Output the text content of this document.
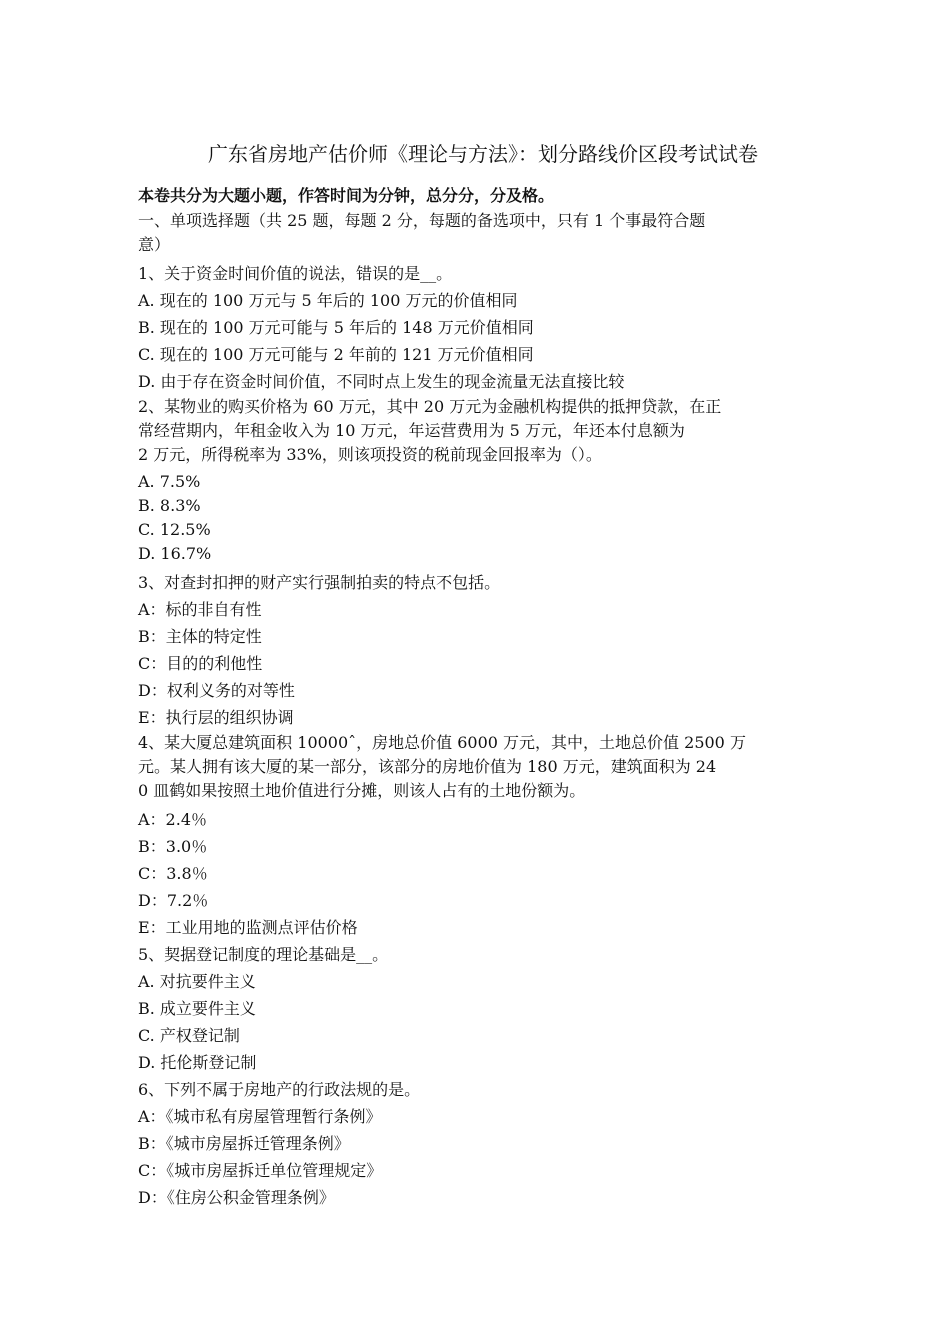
广东省房地产估价师《理论与方法》：划分路线价区段考试试卷
本卷共分为大题小题，作答时间为分钟，总分分，分及格。
一、单项选择题（共 25 题，每题 2 分，每题的备选项中，只有 1 个事最符合题
意）
1、关于资金时间价值的说法，错误的是__。
A. 现在的 100 万元与 5 年后的 100 万元的价值相同
B. 现在的 100 万元可能与 5 年后的 148 万元价值相同
C. 现在的 100 万元可能与 2 年前的 121 万元价值相同
D. 由于存在资金时间价值，不同时点上发生的现金流量无法直接比较
2、某物业的购买价格为 60 万元，其中 20 万元为金融机构提供的抵押贷款，在正
常经营期内，年租金收入为 10 万元，年运营费用为 5 万元，年还本付息额为
2 万元，所得税率为 33%，则该项投资的税前现金回报率为（）。
A. 7.5%
B. 8.3%
C. 12.5%
D. 16.7%
3、对查封扣押的财产实行强制拍卖的特点不包括。
A：标的非自有性
B：主体的特定性
C：目的的利他性
D：权利义务的对等性
E：执行层的组织协调
4、某大厦总建筑面积 10000ˆ，房地总价值 6000 万元，其中，土地总价值 2500 万
元。某人拥有该大厦的某一部分，该部分的房地价值为 180 万元，建筑面积为 24
0 皿鹤如果按照土地价值进行分摊，则该人占有的土地份额为。
A：2.4％
B：3.0％
C：3.8％
D：7.2％
E：工业用地的监测点评估价格
5、契据登记制度的理论基础是__。
A. 对抗要件主义
B. 成立要件主义
C. 产权登记制
D. 托伦斯登记制
6、下列不属于房地产的行政法规的是。
A：《城市私有房屋管理暂行条例》
B：《城市房屋拆迁管理条例》
C：《城市房屋拆迁单位管理规定》
D：《住房公积金管理条例》
